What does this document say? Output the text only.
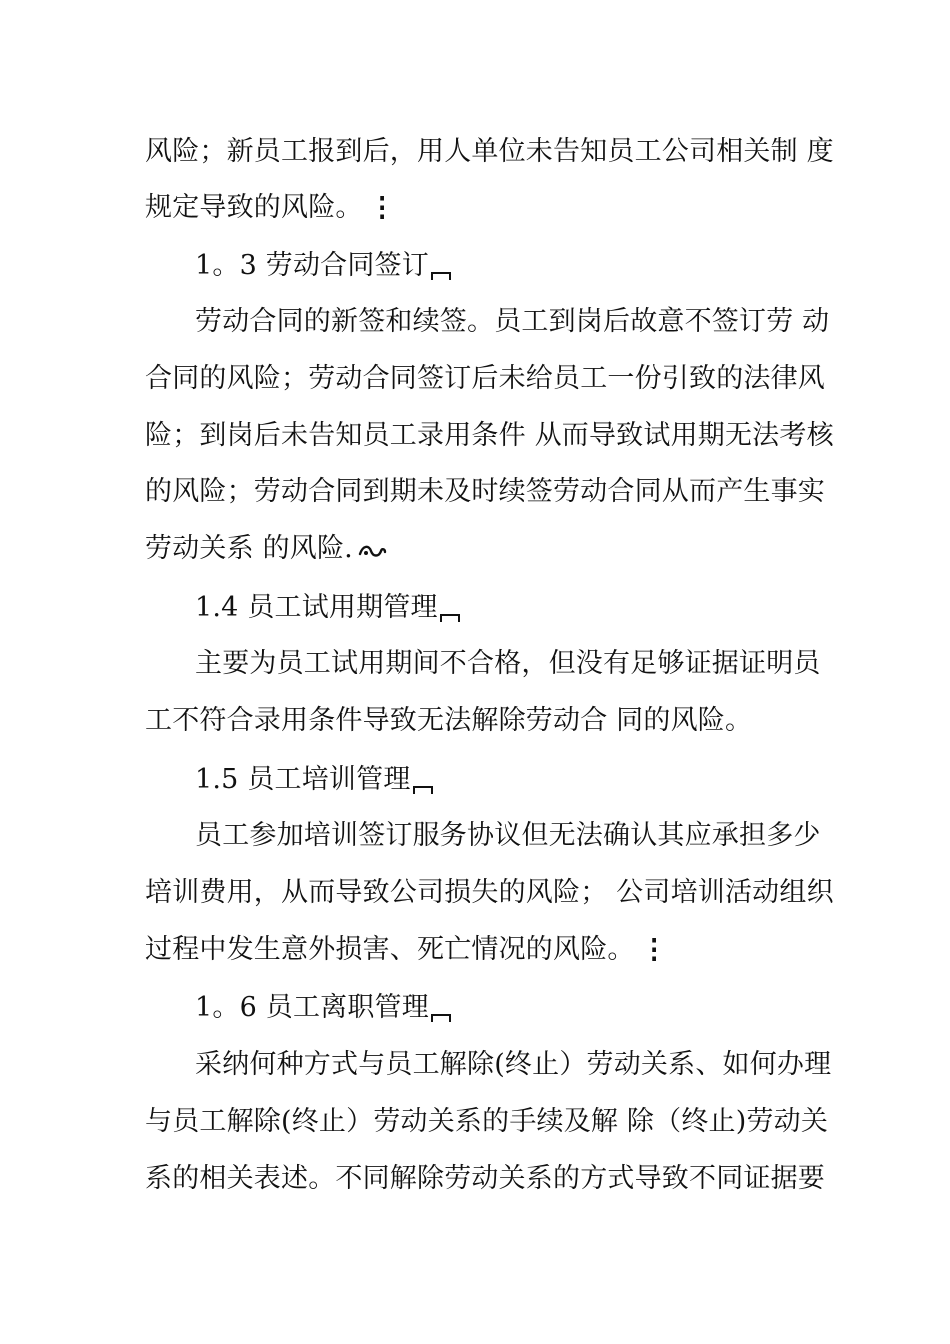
风险；新员工报到后，用人单位未告知员工公司相关制 度
规定导致的风险。 ⋮
1。3 劳动合同签订
劳动合同的新签和续签。员工到岗后故意不签订劳 动
合同的风险；劳动合同签订后未给员工一份引致的法律风
险；到岗后未告知员工录用条件 从而导致试用期无法考核
的风险；劳动合同到期未及时续签劳动合同从而产生事实
劳动关系 的风险.
1.4 员工试用期管理
主要为员工试用期间不合格，但没有足够证据证明员
工不符合录用条件导致无法解除劳动合 同的风险。
1.5 员工培训管理
员工参加培训签订服务协议但无法确认其应承担多少
培训费用，从而导致公司损失的风险； 公司培训活动组织
过程中发生意外损害、死亡情况的风险。 ⋮
1。6 员工离职管理
采纳何种方式与员工解除(终止）劳动关系、如何办理
与员工解除(终止）劳动关系的手续及解 除（终止)劳动关
系的相关表述。不同解除劳动关系的方式导致不同证据要
